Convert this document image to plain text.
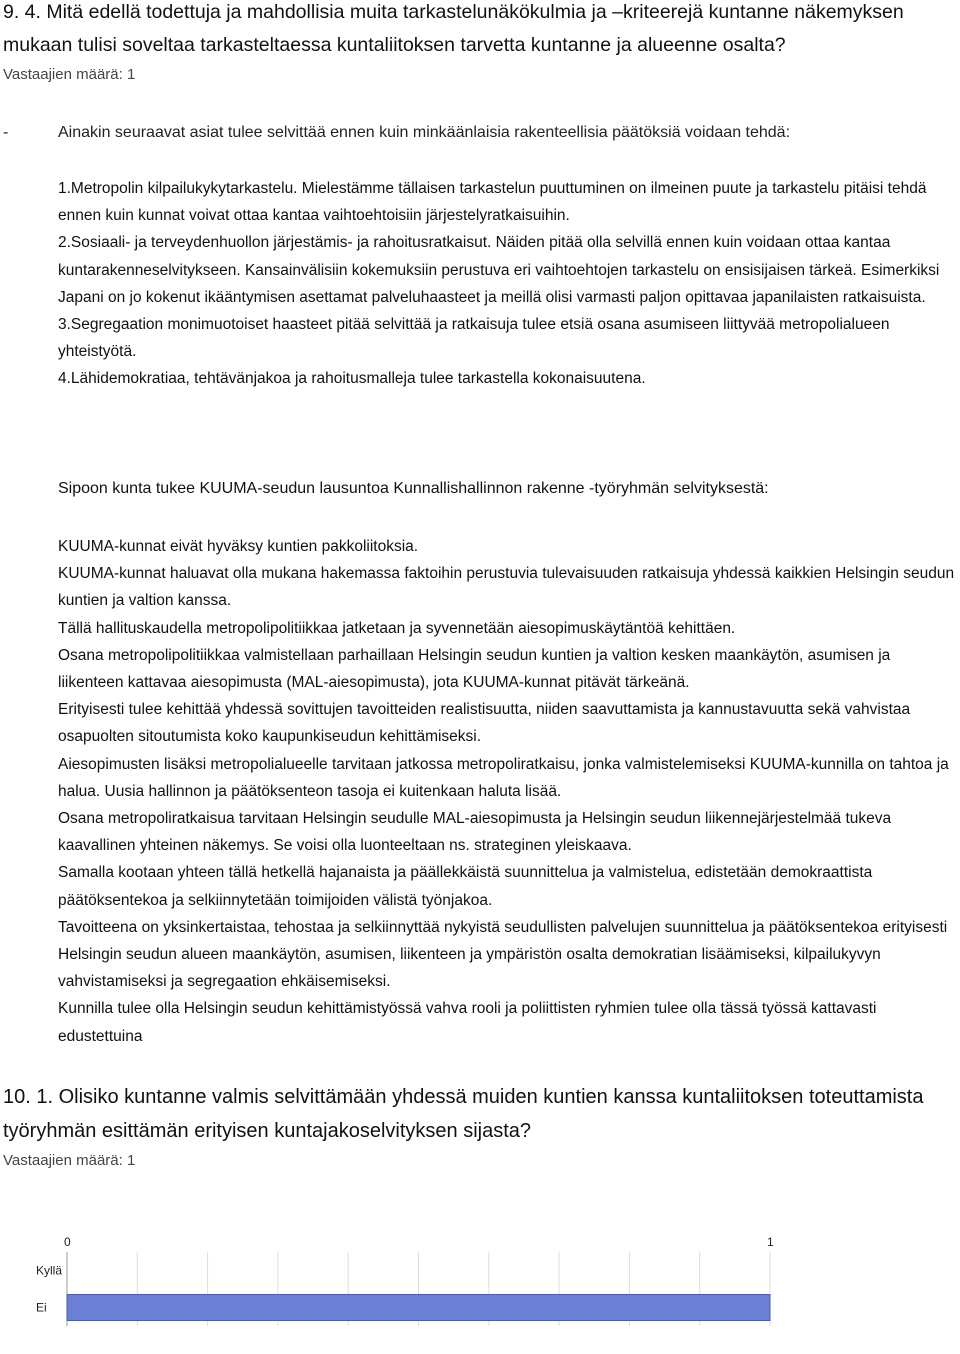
9. 4. Mitä edellä todettuja ja mahdollisia muita tarkastelunäkökulmia ja –kriteerejä kuntanne näkemyksen mukaan tulisi soveltaa tarkasteltaessa kuntaliitoksen tarvetta kuntanne ja alueenne osalta?
Vastaajien määrä: 1
-	Ainakin seuraavat asiat tulee selvittää ennen kuin minkäänlaisia rakenteellisia päätöksiä voidaan tehdä:

1.Metropolin kilpailukykytarkastelu. Mielestämme tällaisen tarkastelun puuttuminen on ilmeinen puute ja tarkastelu pitäisi tehdä ennen kuin kunnat voivat ottaa kantaa vaihtoehtoisiin järjestelyratkaisuihin.

2.Sosiaali- ja terveydenhuollon järjestämis- ja rahoitusratkaisut. Näiden pitää olla selvillä ennen kuin voidaan ottaa kantaa kuntarakenneselvitykseen. Kansainvälisiin kokemuksiin perustuva eri vaihtoehtojen tarkastelu on ensisijaisen tärkeä. Esimerkiksi Japani on jo kokenut ikääntymisen asettamat palveluhaasteet ja meillä olisi varmasti paljon opittavaa japanilaisten ratkaisuista.

3.Segregaation monimuotoiset haasteet pitää selvittää ja ratkaisuja tulee etsiä osana asumiseen liittyvää metropolialueen yhteistyötä.

4.Lähidemokratiaa, tehtävänjakoa ja rahoitusmalleja tulee tarkastella kokonaisuutena.

Sipoon kunta tukee KUUMA-seudun lausuntoa Kunnallishallinnon rakenne -työryhmän selvityksestä:

KUUMA-kunnat eivät hyväksy kuntien pakkoliitoksia.

KUUMA-kunnat haluavat olla mukana hakemassa faktoihin perustuvia tulevaisuuden ratkaisuja yhdessä kaikkien Helsingin seudun kuntien ja valtion kanssa.

Tällä hallituskaudella metropolipolitiikkaa jatketaan ja syvennetään aiesopimuskäytäntöä kehittäen.

Osana metropolipolitiikkaa valmistellaan parhaillaan Helsingin seudun kuntien ja valtion kesken maankäytön, asumisen ja liikenteen kattavaa aiesopimusta (MAL-aiesopimusta), jota KUUMA-kunnat pitävät tärkeänä.

Erityisesti tulee kehittää yhdessä sovittujen tavoitteiden realistisuutta, niiden saavuttamista ja kannustavuutta sekä vahvistaa osapuolten sitoutumista koko kaupunkiseudun kehittämiseksi.

Aiesopimusten lisäksi metropolialueelle tarvitaan jatkossa metropoliratkaisu, jonka valmistelemiseksi KUUMA-kunnilla on tahtoa ja halua. Uusia hallinnon ja päätöksenteon tasoja ei kuitenkaan haluta lisää.

Osana metropoliratkaisua tarvitaan Helsingin seudulle MAL-aiesopimusta ja Helsingin seudun liikennejärjestelmää tukeva kaavallinen yhteinen näkemys. Se voisi olla luonteeltaan ns. strateginen yleiskaava.

Samalla kootaan yhteen tällä hetkellä hajanaista ja päällekkäistä suunnittelua ja valmistelua, edistetään demokraattista päätöksentekoa ja selkiinnytetään toimijoiden välistä työnjakoa.

Tavoitteena on yksinkertaistaa, tehostaa ja selkiinnyttää nykyistä seudullisten palvelujen suunnittelua ja päätöksentekoa erityisesti Helsingin seudun alueen maankäytön, asumisen, liikenteen ja ympäristön osalta demokratian lisäämiseksi, kilpailukyvyn vahvistamiseksi ja segregaation ehkäisemiseksi.

Kunnilla tulee olla Helsingin seudun kehittämistyössä vahva rooli ja poliittisten ryhmien tulee olla tässä työssä kattavasti edustettuina

10. 1. Olisiko kuntanne valmis selvittämään yhdessä muiden kuntien kanssa kuntaliitoksen toteuttamista työryhmän esittämän erityisen kuntajakoselvityksen sijasta?
Vastaajien määrä: 1
0	1
Kyllä
Ei
